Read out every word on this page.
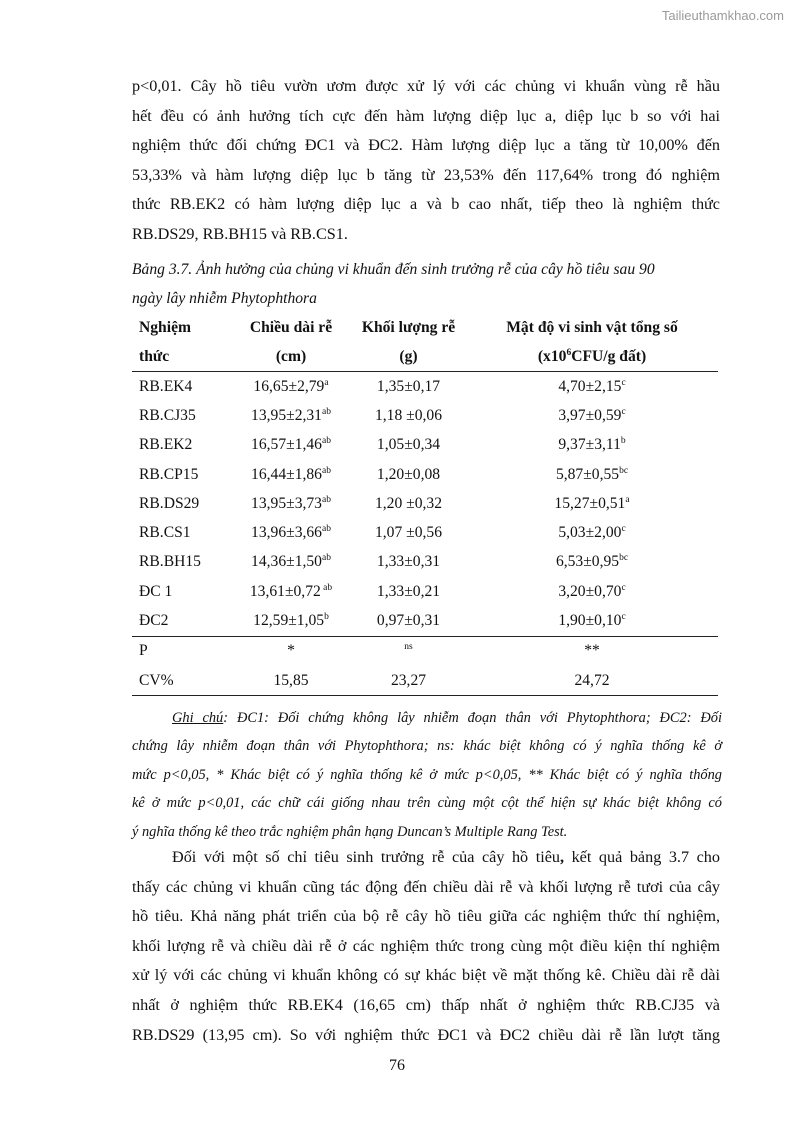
Tailieuthamkhao.com
p<0,01. Cây hồ tiêu vườn ươm được xử lý với các chủng vi khuẩn vùng rễ hầu
hết đều có ảnh hưởng tích cực đến hàm lượng diệp lục a, diệp lục b so với hai
nghiệm thức đối chứng ĐC1 và ĐC2. Hàm lượng diệp lục a tăng từ 10,00% đến
53,33% và hàm lượng diệp lục b tăng từ 23,53% đến 117,64% trong đó nghiệm
thức RB.EK2 có hàm lượng diệp lục a và b cao nhất, tiếp theo là nghiệm thức
RB.DS29, RB.BH15 và RB.CS1.
Bảng 3.7. Ảnh hưởng của chủng vi khuẩn đến sinh trưởng rễ của cây hồ tiêu sau 90
ngày lây nhiễm Phytophthora
Nghiệm	Chiều dài rễ	Khối lượng rễ	Mật độ vi sinh vật tổng số
thức	(cm)	(g)	($x10^6CFU/g$ đất)
RB.EK4	16,65±2,79$^a$	1,35±0,17	4,70±2,15$^c$
RB.CJ35	13,95±2,31$^{ab}$	1,18 ±0,06	3,97±0,59$^c$
RB.EK2	16,57±1,46$^{ab}$	1,05±0,34	9,37±3,11$^b$
RB.CP15	16,44±1,86$^{ab}$	1,20±0,08	5,87±0,55$^{bc}$
RB.DS29	13,95±3,73$^{ab}$	1,20 ±0,32	15,27±0,51$^a$
RB.CS1	13,96±3,66$^{ab}$	1,07 ±0,56	5,03±2,00$^c$
RB.BH15	14,36±1,50$^{ab}$	1,33±0,31	6,53±0,95$^{bc}$
ĐC 1	13,61±0,72 $^{ab}$	1,33±0,21	3,20±0,70$^c$
ĐC2	12,59±1,05$^b$	0,97±0,31	1,90±0,10$^c$
P	*	$^{ns}$	**
CV%	15,85	23,27	24,72
Ghi chú: ĐC1: Đối chứng không lây nhiễm đoạn thân với Phytophthora; ĐC2: Đối
chứng lây nhiễm đoạn thân với Phytophthora; ns: khác biệt không có ý nghĩa thống kê ở
mức p<0,05, * Khác biệt có ý nghĩa thống kê ở mức p<0,05, ** Khác biệt có ý nghĩa thống
kê ở mức p<0,01, các chữ cái giống nhau trên cùng một cột thể hiện sự khác biệt không có
ý nghĩa thống kê theo trắc nghiệm phân hạng Duncan’s Multiple Rang Test.
Đối với một số chỉ tiêu sinh trưởng rễ của cây hồ tiêu, kết quả bảng 3.7 cho
thấy các chủng vi khuẩn cũng tác động đến chiều dài rễ và khối lượng rễ tươi của cây
hồ tiêu. Khả năng phát triển của bộ rễ cây hồ tiêu giữa các nghiệm thức thí nghiệm,
khối lượng rễ và chiều dài rễ ở các nghiệm thức trong cùng một điều kiện thí nghiệm
xử lý với các chủng vi khuẩn không có sự khác biệt về mặt thống kê. Chiều dài rễ dài
nhất ở nghiệm thức RB.EK4 (16,65 cm) thấp nhất ở nghiệm thức RB.CJ35 và
RB.DS29 (13,95 cm). So với nghiệm thức ĐC1 và ĐC2 chiều dài rễ lần lượt tăng
76
